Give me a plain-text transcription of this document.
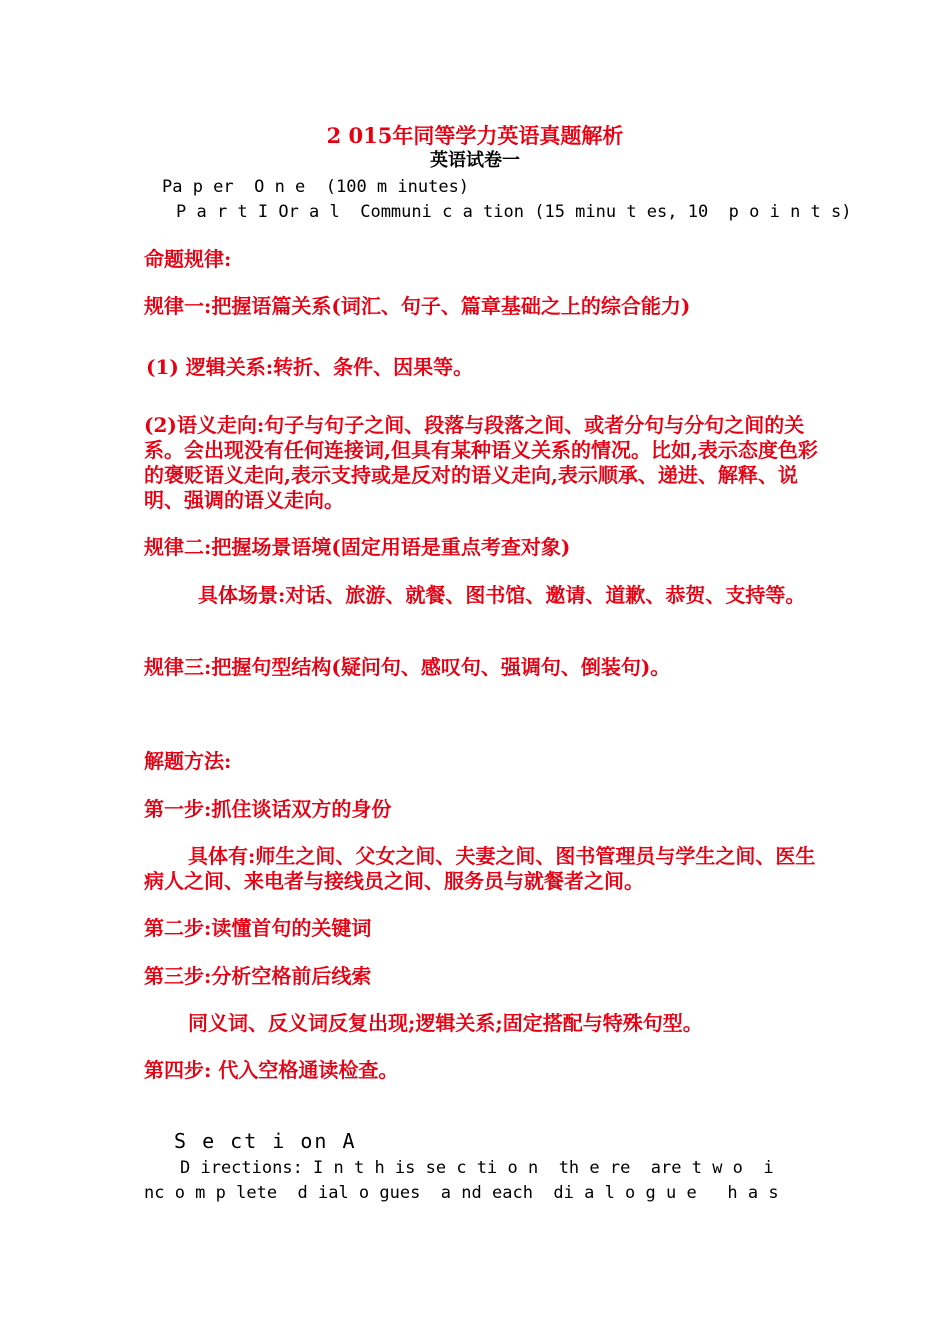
2 015年同等学力英语真题解析
英语试卷一
Pa p er  O n e  (100 m inutes)
P a r t I Or a l  Communi c a tion (15 minu t es, 10  p o i n t s)
命题规律:
规律一:把握语篇关系(词汇、句子、篇章基础之上的综合能力)
(1) 逻辑关系:转折、条件、因果等。
(2)语义走向:句子与句子之间、段落与段落之间、或者分句与分句之间的关系。会出现没有任何连接词,但具有某种语义关系的情况。比如,表示态度色彩的褒贬语义走向,表示支持或是反对的语义走向,表示顺承、递进、解释、说明、强调的语义走向。
规律二:把握场景语境(固定用语是重点考查对象)
具体场景:对话、旅游、就餐、图书馆、邀请、道歉、恭贺、支持等。
规律三:把握句型结构(疑问句、感叹句、强调句、倒装句)。
解题方法:
第一步:抓住谈话双方的身份
具体有:师生之间、父女之间、夫妻之间、图书管理员与学生之间、医生病人之间、来电者与接线员之间、服务员与就餐者之间。
第二步:读懂首句的关键词
第三步:分析空格前后线索
同义词、反义词反复出现;逻辑关系;固定搭配与特殊句型。
第四步: 代入空格通读检查。
S e ct i on A
D irections: I n t h is se c ti o n  th e re  are t w o  i
nc o m p lete  d ial o gues  a nd each  di a l o g u e   h a s
